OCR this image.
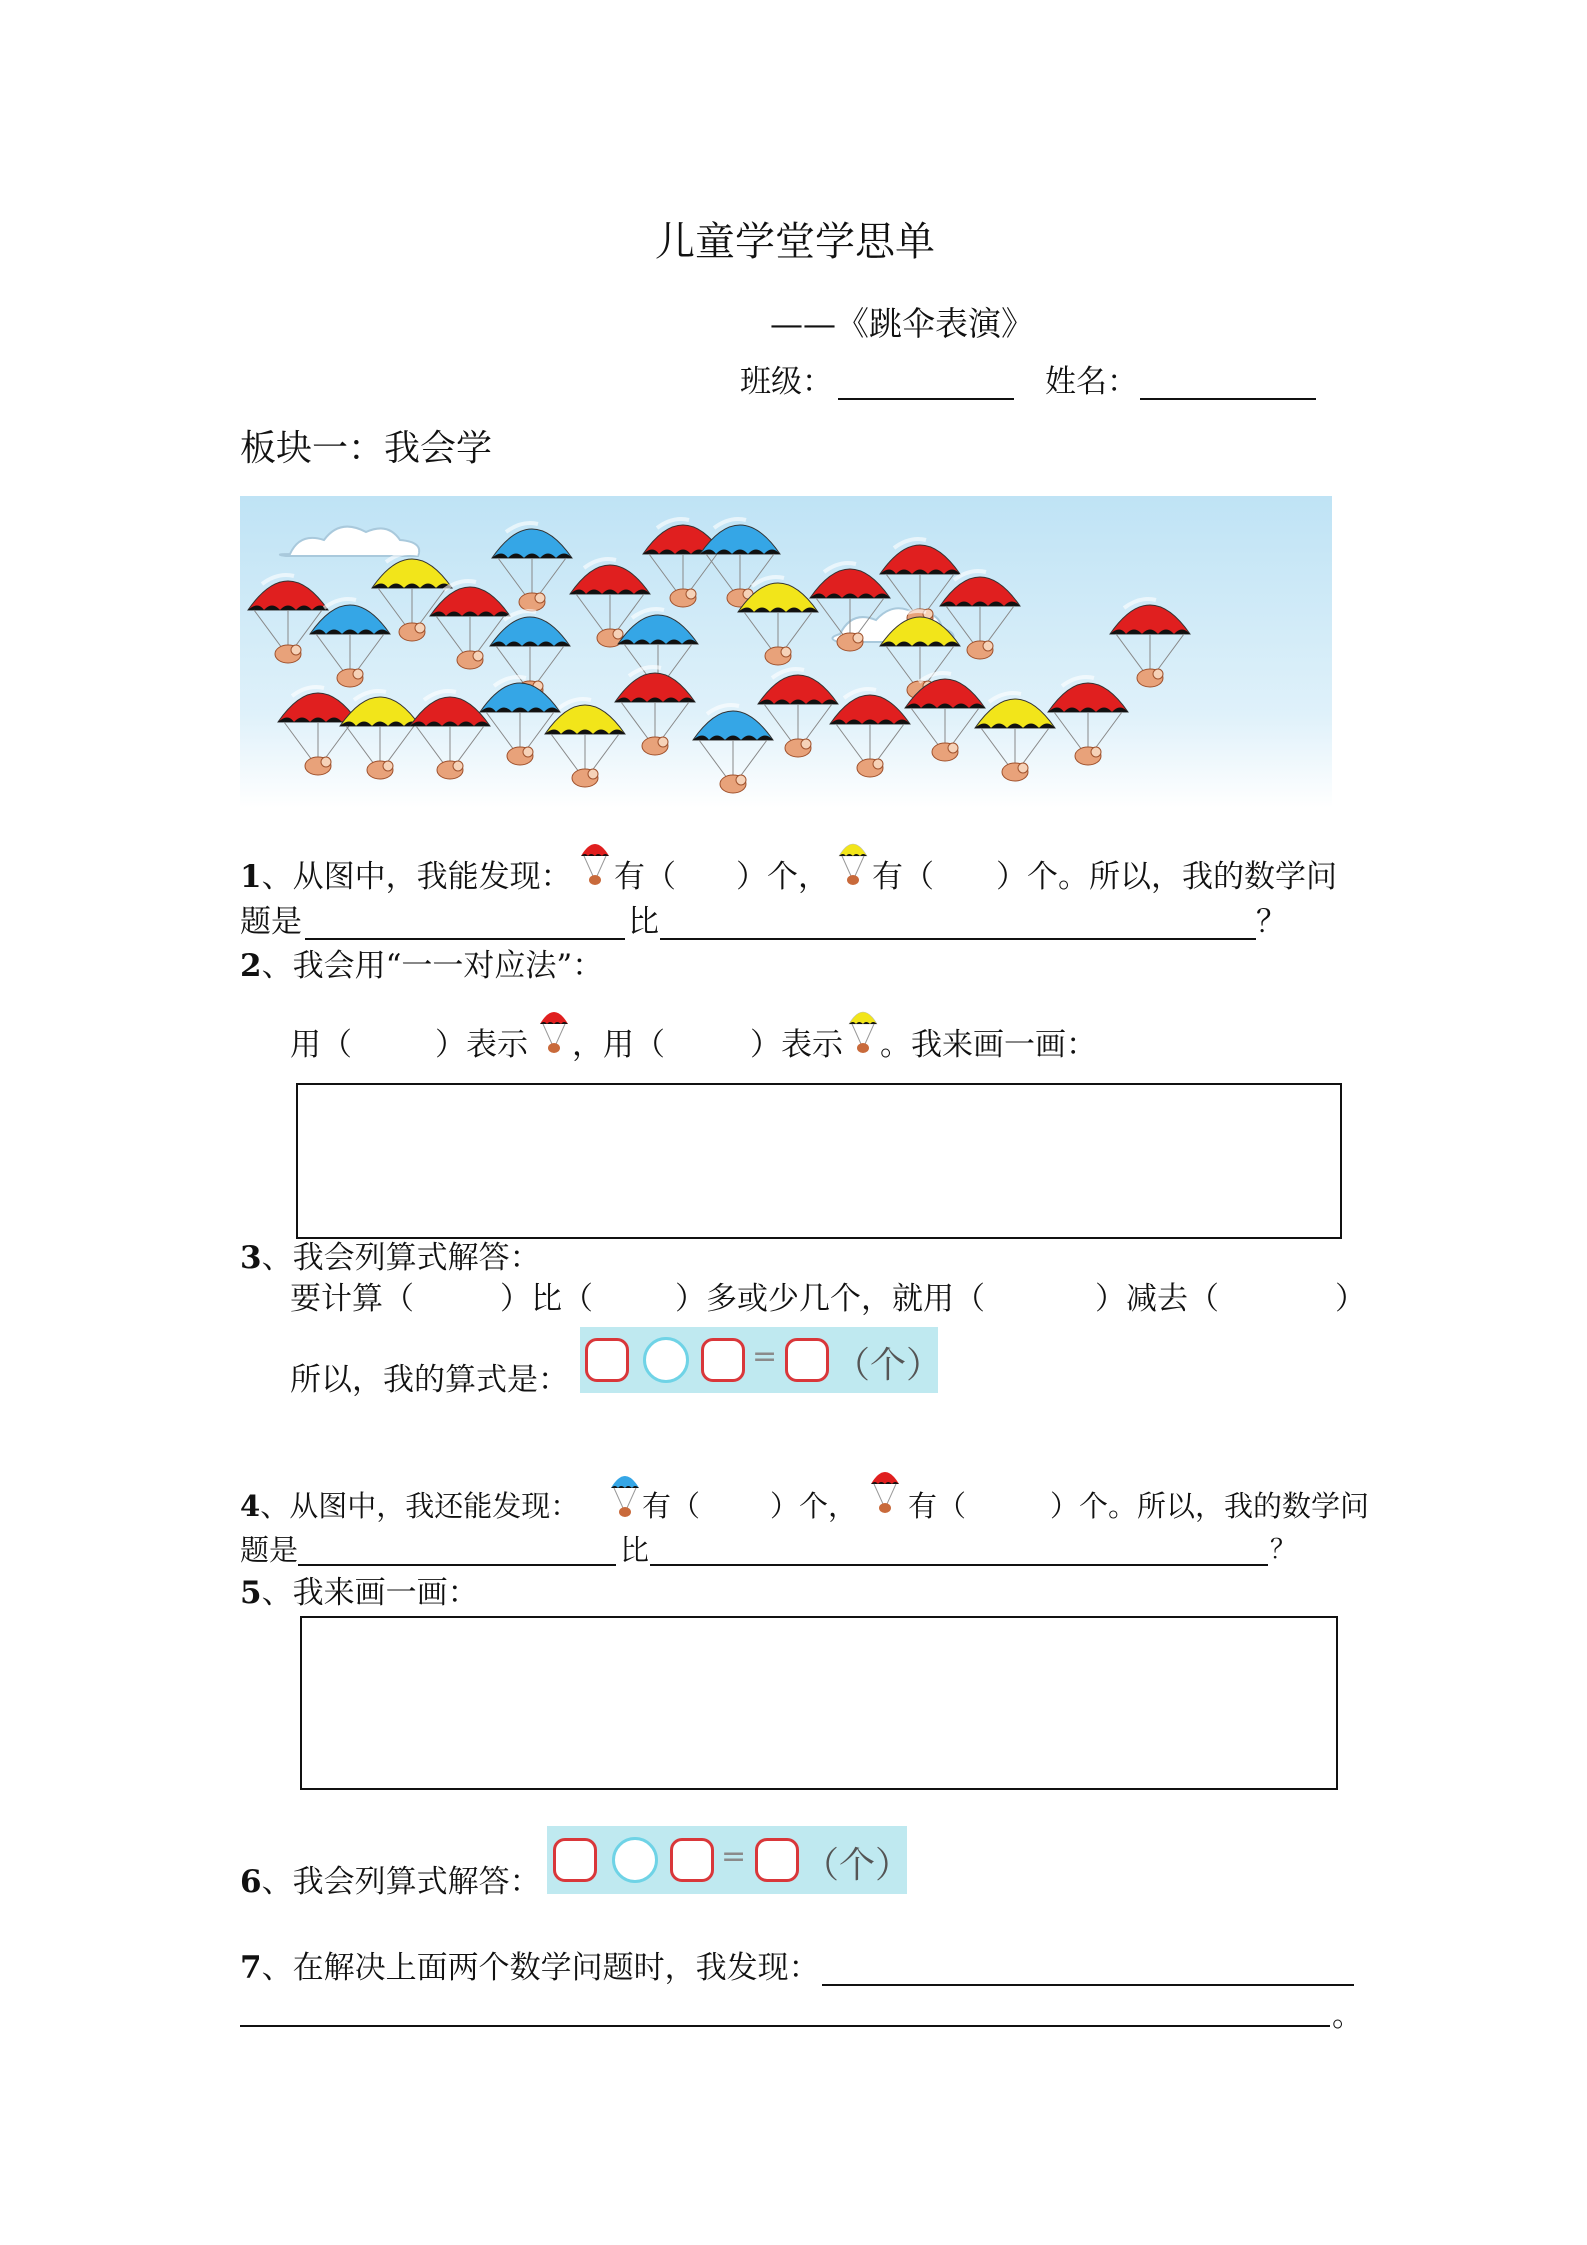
儿童学堂学思单
——《跳伞表演》
班级：	姓名：
板块一：我会学
1、从图中，我能发现： 有（ ）个， 有（ ）个。所以，我的数学问
题是	比	？
2、我会用“一一对应法”：
用（	）表示 ，用（	）表示 。我来画一画：
3、我会列算式解答：
要计算（	）比（	）多或少几个，就用（	）减去（	）
所以，我的算式是：
= （个）
4、从图中，我还能发现： 有（ ）个， 有（	）个。所以，我的数学问
题是	比	？
5、我来画一画：
6、我会列算式解答：
= （个）
7、在解决上面两个数学问题时，我发现：
。
